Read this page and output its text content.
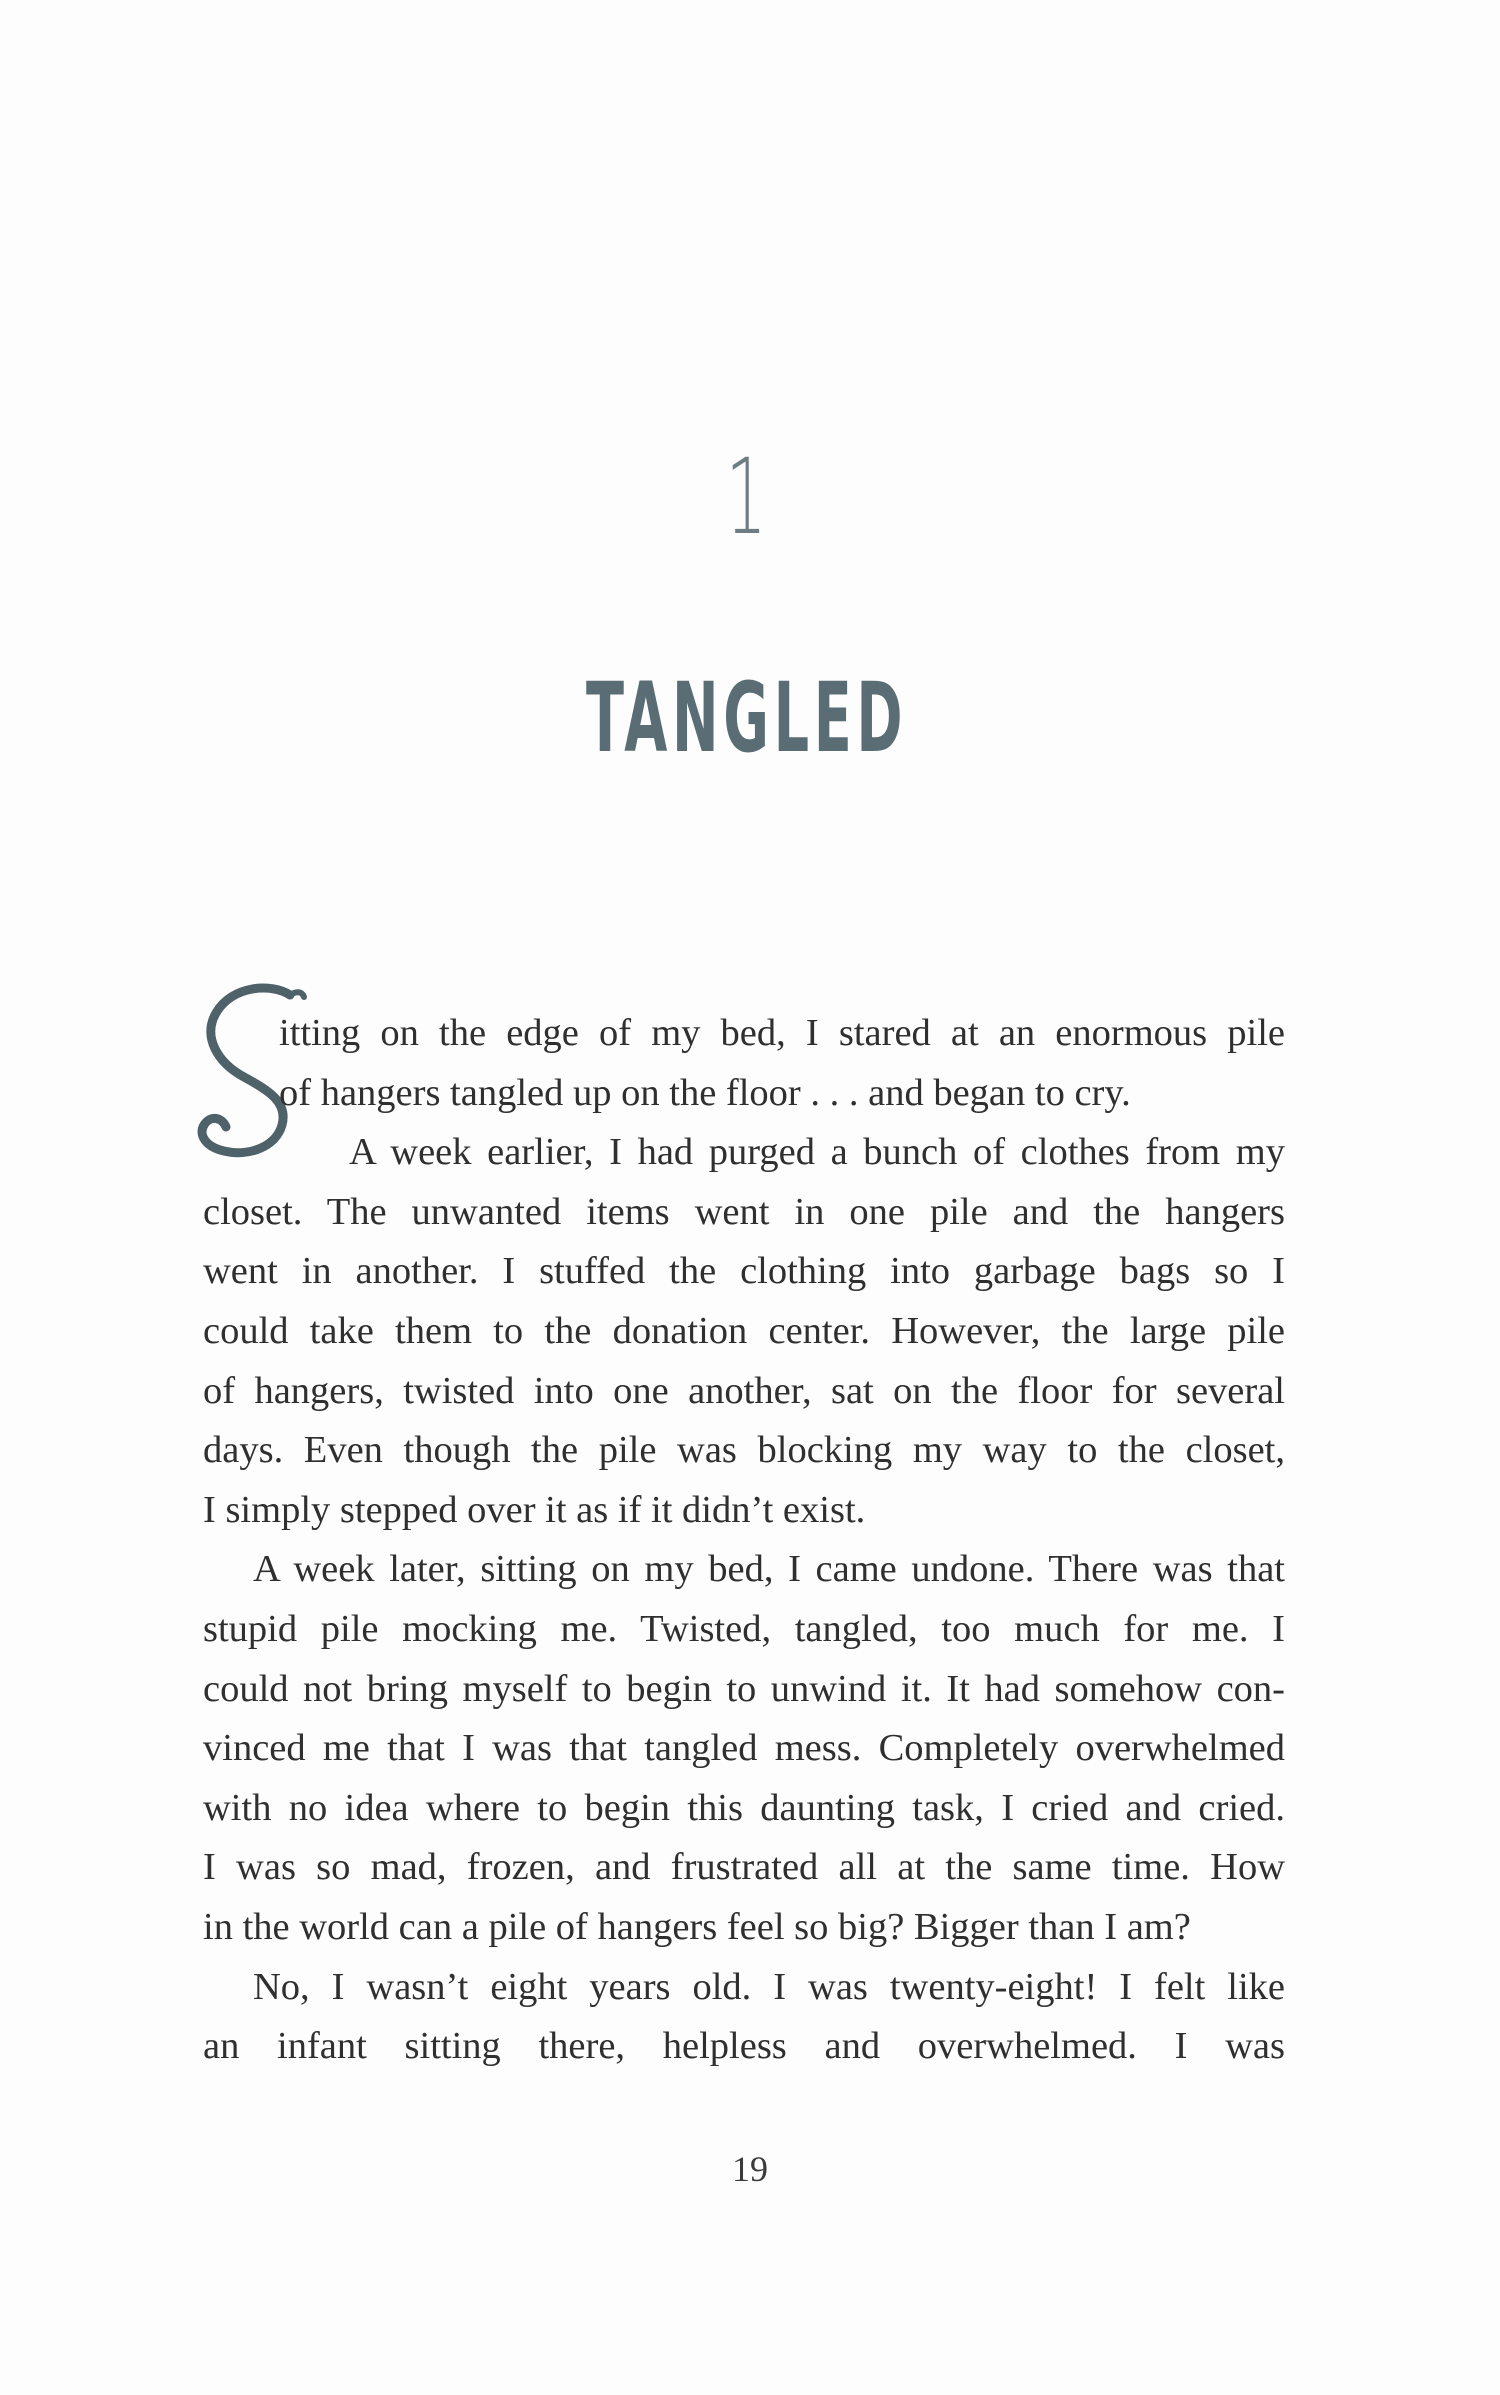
1
TANGLED
itting on the edge of my bed, I stared at an enormous pile
of hangers tangled up on the floor . . . and began to cry.
A week earlier, I had purged a bunch of clothes from my
closet. The unwanted items went in one pile and the hangers
went in another. I stuffed the clothing into garbage bags so I
could take them to the donation center. However, the large pile
of hangers, twisted into one another, sat on the floor for several
days. Even though the pile was blocking my way to the closet,
I simply stepped over it as if it didn’t exist.
A week later, sitting on my bed, I came undone. There was that
stupid pile mocking me. Twisted, tangled, too much for me. I
could not bring myself to begin to unwind it. It had somehow con-
vinced me that I was that tangled mess. Completely overwhelmed
with no idea where to begin this daunting task, I cried and cried.
I was so mad, frozen, and frustrated all at the same time. How
in the world can a pile of hangers feel so big? Bigger than I am?
No, I wasn’t eight years old. I was twenty-eight! I felt like
an infant sitting there, helpless and overwhelmed. I was
19
